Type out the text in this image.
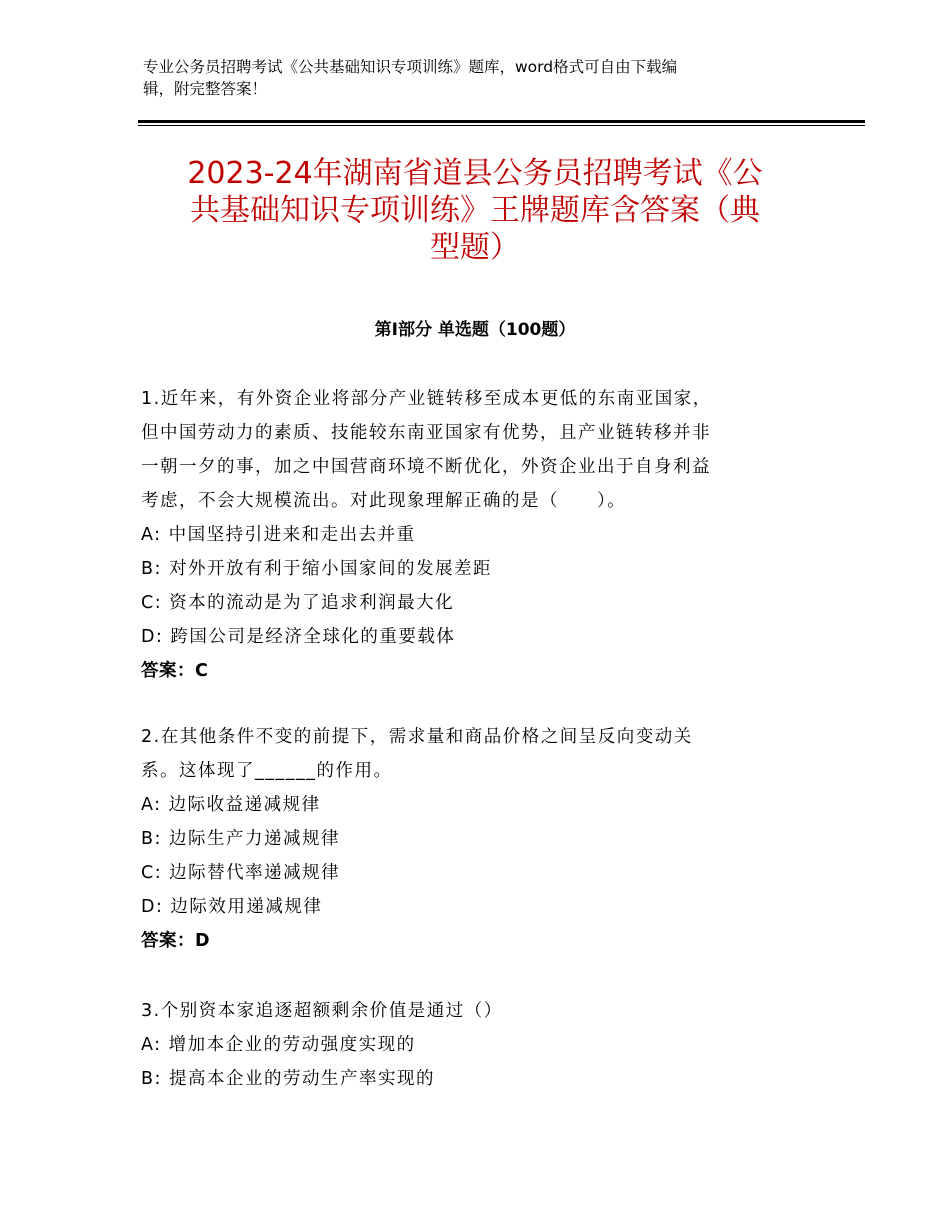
专业公务员招聘考试《公共基础知识专项训练》题库，word格式可自由下载编
辑，附完整答案！
2023-24年湖南省道县公务员招聘考试《公
共基础知识专项训练》王牌题库含答案（典
型题）
第Ⅰ部分 单选题（100题）

1.近年来，有外资企业将部分产业链转移至成本更低的东南亚国家，

但中国劳动力的素质、技能较东南亚国家有优势，且产业链转移并非

一朝一夕的事，加之中国营商环境不断优化，外资企业出于自身利益

考虑，不会大规模流出。对此现象理解正确的是（　　）。

A: 中国坚持引进来和走出去并重

B: 对外开放有利于缩小国家间的发展差距

C: 资本的流动是为了追求利润最大化

D: 跨国公司是经济全球化的重要载体

答案：C

2.在其他条件不变的前提下，需求量和商品价格之间呈反向变动关

系。这体现了______的作用。

A: 边际收益递减规律

B: 边际生产力递减规律

C: 边际替代率递减规律

D: 边际效用递减规律

答案：D

3.个别资本家追逐超额剩余价值是通过（）

A: 增加本企业的劳动强度实现的

B: 提高本企业的劳动生产率实现的
